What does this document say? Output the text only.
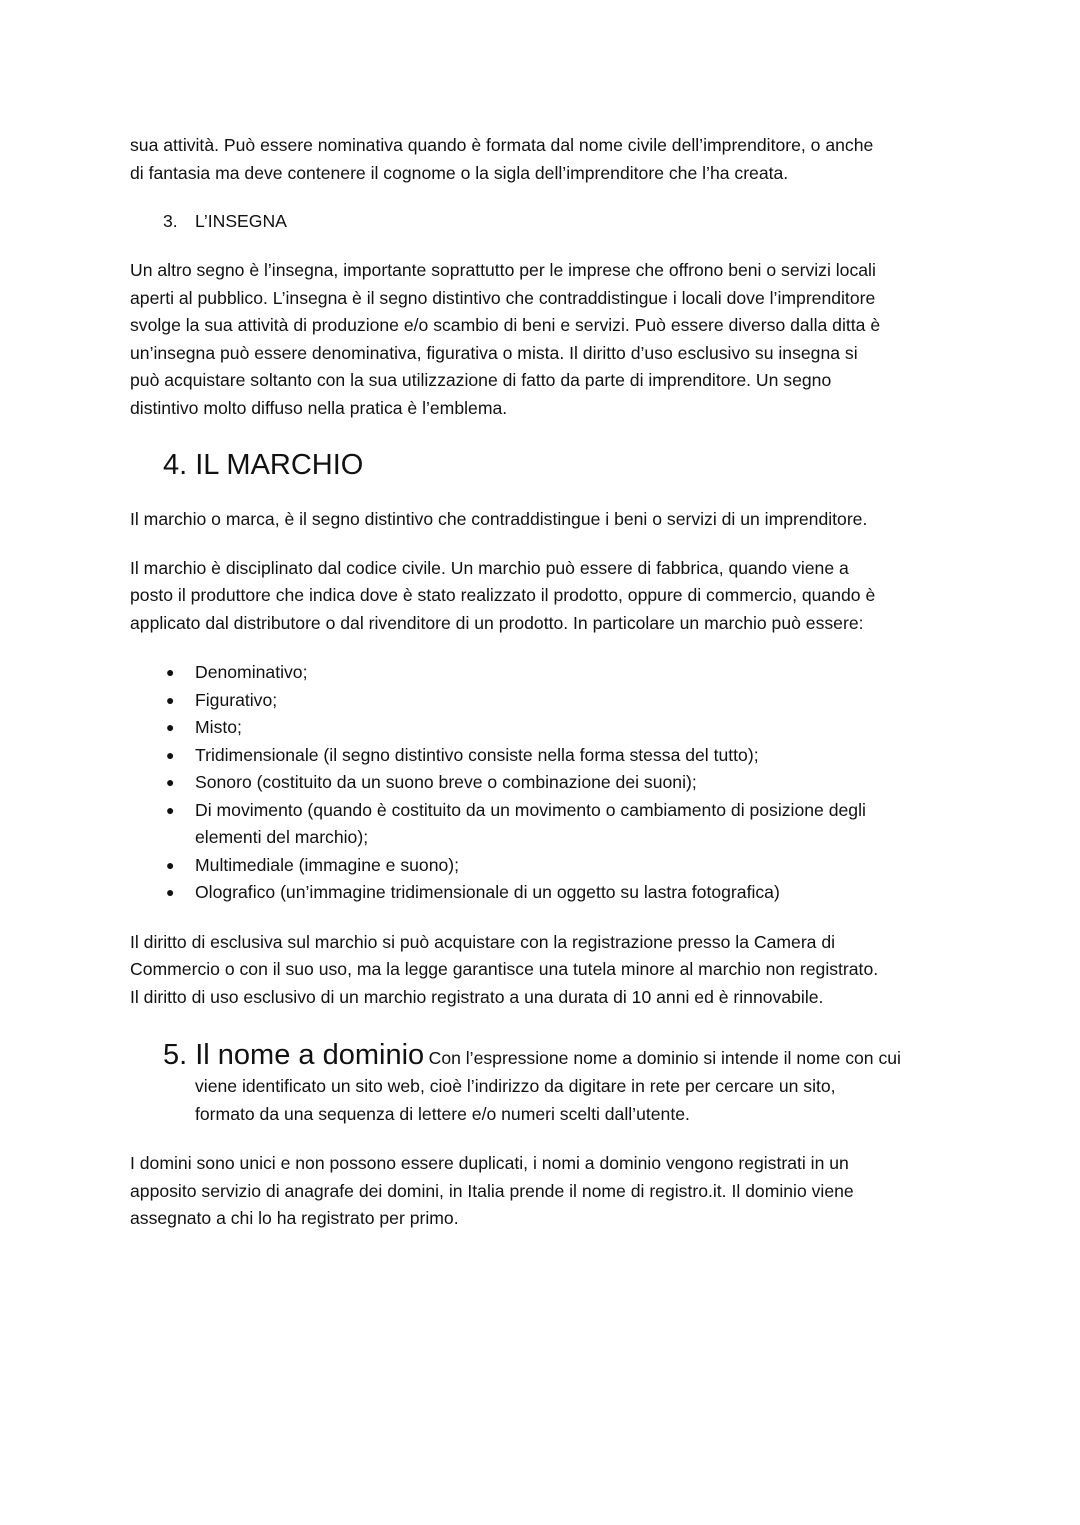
sua attività. Può essere nominativa quando è formata dal nome civile dell’imprenditore, o anche
di fantasia ma deve contenere il cognome o la sigla dell’imprenditore che l’ha creata.
3. L’INSEGNA
Un altro segno è l’insegna, importante soprattutto per le imprese che offrono beni o servizi locali
aperti al pubblico. L’insegna è il segno distintivo che contraddistingue i locali dove l’imprenditore
svolge la sua attività di produzione e/o scambio di beni e servizi. Può essere diverso dalla ditta è
un’insegna può essere denominativa, figurativa o mista. Il diritto d’uso esclusivo su insegna si
può acquistare soltanto con la sua utilizzazione di fatto da parte di imprenditore. Un segno
distintivo molto diffuso nella pratica è l’emblema.
4. IL MARCHIO
Il marchio o marca, è il segno distintivo che contraddistingue i beni o servizi di un imprenditore.
Il marchio è disciplinato dal codice civile. Un marchio può essere di fabbrica, quando viene a
posto il produttore che indica dove è stato realizzato il prodotto, oppure di commercio, quando è
applicato dal distributore o dal rivenditore di un prodotto. In particolare un marchio può essere:
● Denominativo;
● Figurativo;
● Misto;
● Tridimensionale (il segno distintivo consiste nella forma stessa del tutto);
● Sonoro (costituito da un suono breve o combinazione dei suoni);
● Di movimento (quando è costituito da un movimento o cambiamento di posizione degli
elementi del marchio);
● Multimediale (immagine e suono);
● Olografico (un’immagine tridimensionale di un oggetto su lastra fotografica)
Il diritto di esclusiva sul marchio si può acquistare con la registrazione presso la Camera di
Commercio o con il suo uso, ma la legge garantisce una tutela minore al marchio non registrato.
Il diritto di uso esclusivo di un marchio registrato a una durata di 10 anni ed è rinnovabile.
5. Il nome a dominio Con l’espressione nome a dominio si intende il nome con cui
viene identificato un sito web, cioè l’indirizzo da digitare in rete per cercare un sito,
formato da una sequenza di lettere e/o numeri scelti dall’utente.
I domini sono unici e non possono essere duplicati, i nomi a dominio vengono registrati in un
apposito servizio di anagrafe dei domini, in Italia prende il nome di registro.it. Il dominio viene
assegnato a chi lo ha registrato per primo.
